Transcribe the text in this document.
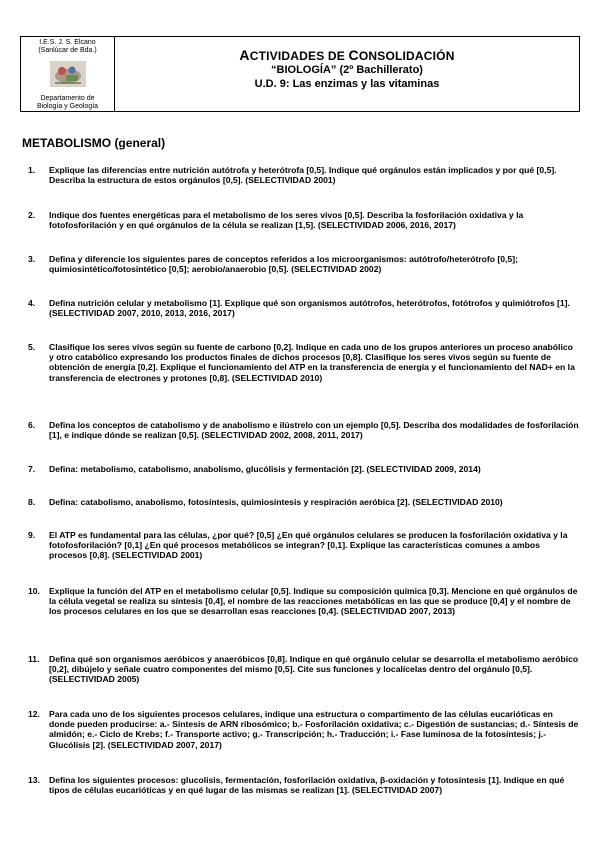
I.E.S. J. S. Elcano
(Sanlúcar de Bda.)
Departamento de
Biología y Geología
ACTIVIDADES DE CONSOLIDACIÓN
“BIOLOGÍA” (2º Bachillerato)
U.D. 9: Las enzimas y las vitaminas
METABOLISMO (general)
1.	Explique las diferencias entre nutrición autótrofa y heterótrofa [0,5]. Indique qué orgánulos están implicados y por qué [0,5]. Describa la estructura de estos orgánulos [0,5]. (SELECTIVIDAD 2001)
2.	Indique dos fuentes energéticas para el metabolismo de los seres vivos [0,5]. Describa la fosforilación oxidativa y la fotofosforilación y en qué orgánulos de la célula se realizan [1,5]. (SELECTIVIDAD 2006, 2016, 2017)
3.	Defina y diferencie los siguientes pares de conceptos referidos a los microorganismos: autótrofo/heterótrofo [0,5]; quimiosintético/fotosintético [0,5]; aerobio/anaerobio [0,5]. (SELECTIVIDAD 2002)
4.	Defina nutrición celular y metabolismo [1]. Explique qué son organismos autótrofos, heterótrofos, fotótrofos y quimiótrofos [1]. (SELECTIVIDAD 2007, 2010, 2013, 2016, 2017)
5.	Clasifique los seres vivos según su fuente de carbono [0,2]. Indique en cada uno de los grupos anteriores un proceso anabólico y otro catabólico expresando los productos finales de dichos procesos [0,8]. Clasifique los seres vivos según su fuente de obtención de energía [0,2]. Explique el funcionamiento del ATP en la transferencia de energía y el funcionamiento del NAD+ en la transferencia de electrones y protones [0,8]. (SELECTIVIDAD 2010)
6.	Defina los conceptos de catabolismo y de anabolismo e ilústrelo con un ejemplo [0,5]. Describa dos modalidades de fosforilación [1], e indique dónde se realizan [0,5]. (SELECTIVIDAD 2002, 2008, 2011, 2017)
7.	Defina: metabolismo, catabolismo, anabolismo, glucólisis y fermentación [2]. (SELECTIVIDAD 2009, 2014)
8.	Defina: catabolismo, anabolismo, fotosíntesis, quimiosíntesis y respiración aeróbica [2]. (SELECTIVIDAD 2010)
9.	El ATP es fundamental para las células, ¿por qué? [0,5] ¿En qué orgánulos celulares se producen la fosforilación oxidativa y la fotofosforilación? [0,1] ¿En qué procesos metabólicos se integran? [0,1]. Explique las características comunes a ambos procesos [0,8]. (SELECTIVIDAD 2001)
10.	Explique la función del ATP en el metabolismo celular [0,5]. Indique su composición química [0,3]. Mencione en qué orgánulos de la célula vegetal se realiza su síntesis [0,4], el nombre de las reacciones metabólicas en las que se produce [0,4] y el nombre de los procesos celulares en los que se desarrollan esas reacciones [0,4]. (SELECTIVIDAD 2007, 2013)
11.	Defina qué son organismos aeróbicos y anaeróbicos [0,8]. Indique en qué orgánulo celular se desarrolla el metabolismo aeróbico [0,2], dibújelo y señale cuatro componentes del mismo [0,5]. Cite sus funciones y localícelas dentro del orgánulo [0,5]. (SELECTIVIDAD 2005)
12.	Para cada uno de los siguientes procesos celulares, indique una estructura o compartimento de las células eucarióticas en donde pueden producirse: a.- Síntesis de ARN ribosómico; b.- Fosforilación oxidativa; c.- Digestión de sustancias; d.- Síntesis de almidón; e.- Ciclo de Krebs; f.- Transporte activo; g.- Transcripción; h.- Traducción; i.- Fase luminosa de la fotosíntesis; j.- Glucólisis [2]. (SELECTIVIDAD 2007, 2017)
13.	Defina los siguientes procesos: glucolisis, fermentación, fosforilación oxidativa, β-oxidación y fotosíntesis [1]. Indique en qué tipos de células eucarióticas y en qué lugar de las mismas se realizan [1]. (SELECTIVIDAD 2007)
